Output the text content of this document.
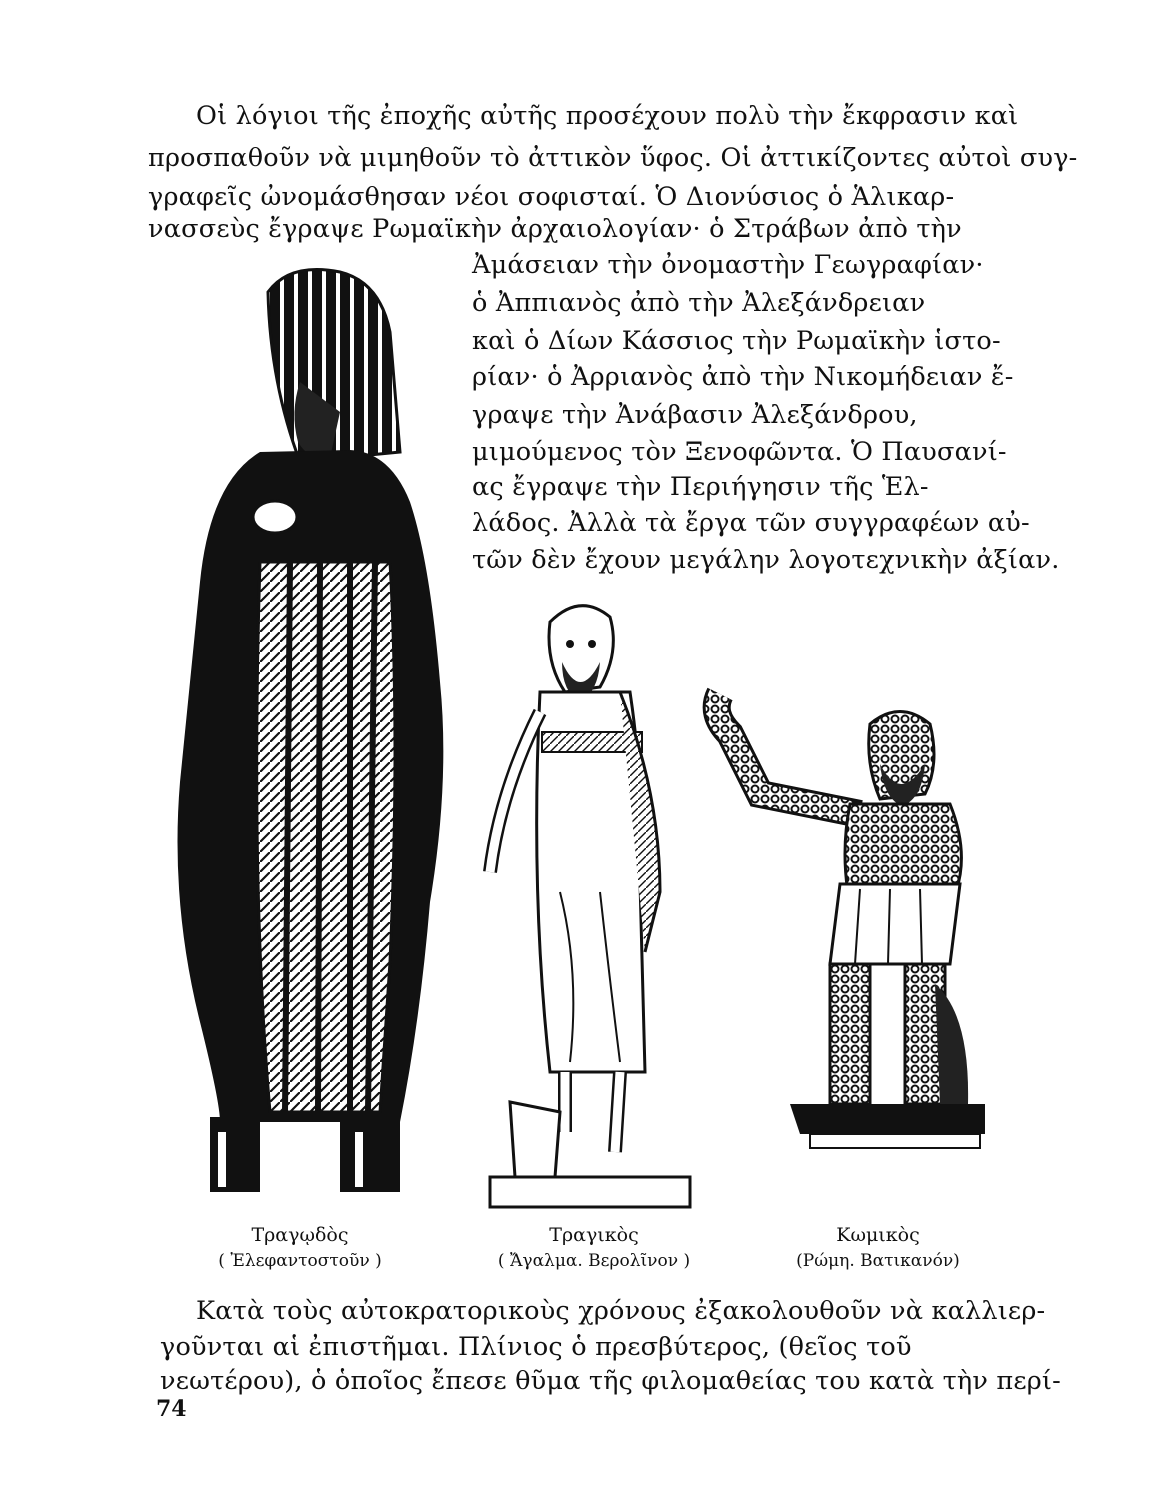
Οἱ λόγιοι τῆς ἐποχῆς αὐτῆς προσέχουν πολὺ τὴν ἔκφρασιν καὶ
προσπαθοῦν νὰ μιμηθοῦν τὸ ἀττικὸν ὕφος. Οἱ ἀττικίζοντες αὐτοὶ συγ-
γραφεῖς ὠνομάσθησαν νέοι σοφισταί. Ὁ Διονύσιος ὁ Ἁλικαρ-
νασσεὺς ἔγραψε Ρωμαϊκὴν ἀρχαιολογίαν· ὁ Στράβων ἀπὸ τὴν
Ἀμάσειαν τὴν ὀνομαστὴν Γεωγραφίαν·
ὁ Ἀππιανὸς ἀπὸ τὴν Ἀλεξάνδρειαν
καὶ ὁ Δίων Κάσσιος τὴν Ρωμαϊκὴν ἱστο-
ρίαν· ὁ Ἀρριανὸς ἀπὸ τὴν Νικομήδειαν ἔ-
γραψε τὴν Ἀνάβασιν Ἀλεξάνδρου,
μιμούμενος τὸν Ξενοφῶντα. Ὁ Παυσανί-
ας ἔγραψε τὴν Περιήγησιν τῆς Ἑλ-
λάδος. Ἀλλὰ τὰ ἔργα τῶν συγγραφέων αὐ-
τῶν δὲν ἔχουν μεγάλην λογοτεχνικὴν ἀξίαν.
Τραγῳδὸς
( Ἐλεφαντοστοῦν )
Τραγικὸς
( Ἄγαλμα. Βερολῖνον )
Κωμικὸς
(Ρώμη. Βατικανόν)
Κατὰ τοὺς αὐτοκρατορικοὺς χρόνους ἐξακολουθοῦν νὰ καλλιερ-
γοῦνται αἱ ἐπιστῆμαι. Πλίνιος ὁ πρεσβύτερος, (θεῖος τοῦ
νεωτέρου), ὁ ὁποῖος ἔπεσε θῦμα τῆς φιλομαθείας του κατὰ τὴν περί-
74
